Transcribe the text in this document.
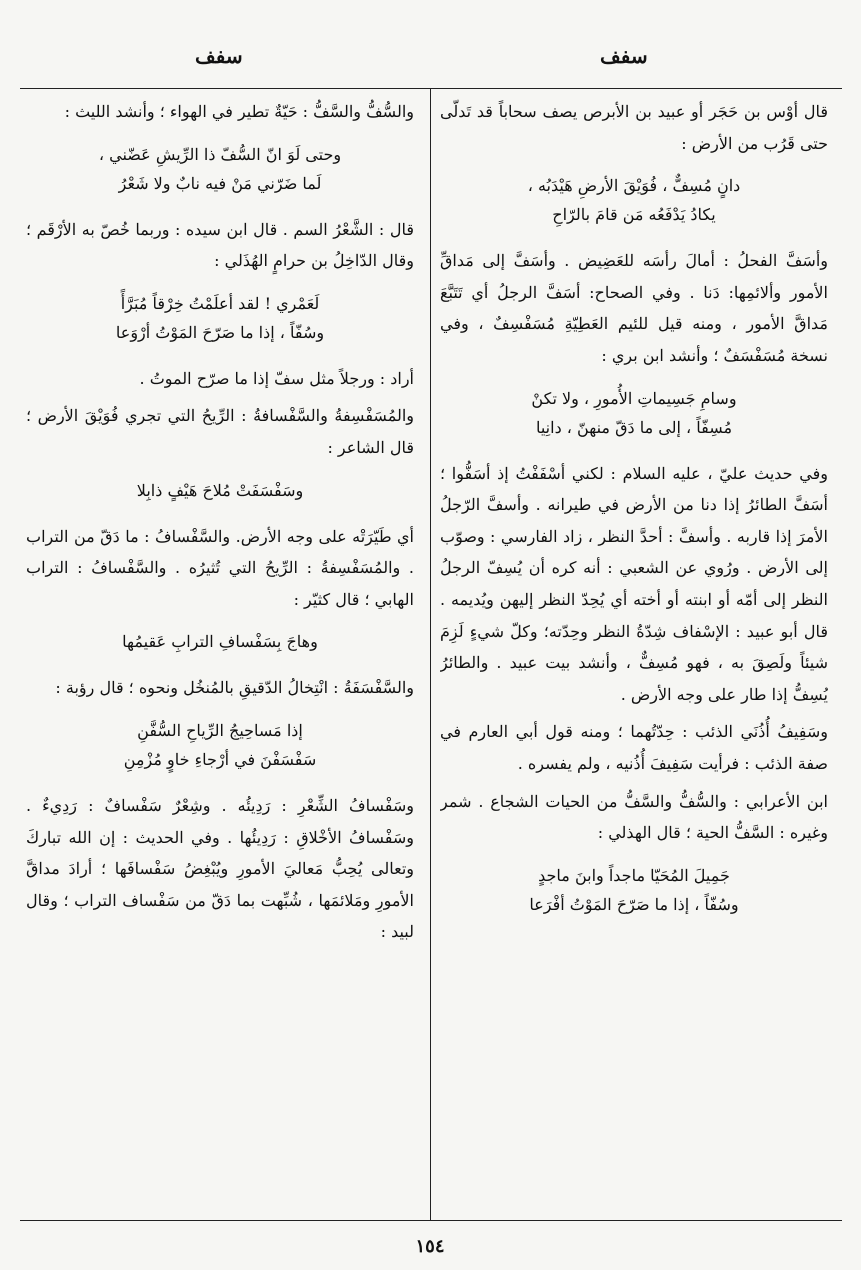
سفف
سفف

قال أوْس بن حَجَر أو عبيد بن الأبرص يصف سحاباً قد تَدلّى حتى قَرُب من الأرض :

دانٍ مُسِفٌّ ، فُوَيْقَ الأرضِ هَيْدَبُه ،
يكادُ يَدْفَعُه مَن قامَ بالرّاحِ

وأسَفَّ الفحلُ : أمالَ رأسَه للعَضِيض . وأسَفَّ إلى مَداقِّ الأمور وألائمِها: دَنا . وفي الصحاح: أسَفَّ الرجلُ أي تَتَبَّعَ مَداقَّ الأمور ، ومنه قيل للئيم العَطِيّةِ مُسَفْسِفٌ ، وفي نسخة مُسَفْسَفٌ ؛ وأنشد ابن بري :

وسامِ جَسِيماتِ الأُمورِ ، ولا تكنْ
مُسِفّاً ، إلى ما دَقّ منهنّ ، دانِيا

وفي حديث عليّ ، عليه السلام : لكني أسْفَفْتُ إذ أسَفُّوا ؛ أسَفَّ الطائرُ إذا دنا من الأرض في طيرانه . وأسفَّ الرّجلُ الأمرَ إذا قاربه . وأسفَّ : أحدَّ النظر ، زاد الفارسي : وصوّب إلى الأرض . ورُوي عن الشعبي : أنه كره أن يُسِفّ الرجلُ النظر إلى أمّه أو ابنته أو أخته أي يُحِدّ النظر إليهن ويُديمه . قال أبو عبيد : الإسْفاف شِدّةُ النظر وحِدّته؛ وكلّ شيءٍ لَزِمَ شيئاً ولَصِقَ به ، فهو مُسِفٌّ ، وأنشد بيت عبيد . والطائرُ يُسِفُّ إذا طار على وجه الأرض .

وسَفِيفُ أُذُنَي الذئب : حِدّتُهما ؛ ومنه قول أبي العارم في صفة الذئب : فرأيت سَفِيفَ أُذُنيه ، ولم يفسره .

ابن الأعرابي : والسُّفُّ والسَّفُّ من الحيات الشجاع . شمر وغيره : السَّفُّ الحية ؛ قال الهذلي :

جَمِيلَ المُحَيّا ماجداً وابنَ ماجدٍ
وسُفّاً ، إذا ما صَرّحَ المَوْتُ أفْرَعا

والسُّفُّ والسَّفُّ : حَيّةٌ تطير في الهواء ؛ وأنشد الليث :

وحتى لَوَ انّ السُّفّ ذا الرِّيشِ عَضّني ،
لَما ضَرّني مَنْ فيه نابٌ ولا شَعْرُ

قال : الشَّعْرُ السم . قال ابن سيده : وربما خُصّ به الأرْقَم ؛ وقال الدّاخِلُ بن حرامٍ الهُذَلي :

لَعَمْري ! لقد أعلَمْتُ خِرْقاً مُبَرَّأً
وسُفّاً ، إذا ما صَرّحَ المَوْتُ أرْوَعا

أراد : ورجلاً مثل سفّ إذا ما صرّح الموتُ .

والمُسَفْسِفةُ والسَّفْسافةُ : الرِّيحُ التي تجري فُوَيْقَ الأرض ؛ قال الشاعر :

وسَفْسَفَتْ مُلاحَ هَيْفٍ ذابِلا

أي طَيّرَتْه على وجه الأرض. والسَّفْسافُ : ما دَقّ من التراب . والمُسَفْسِفةُ : الرِّيحُ التي تُثيرُه . والسَّفْسافُ : التراب الهابي ؛ قال كثيّر :

وهاجَ بِسَفْسافِ الترابِ عَقيمُها

والسَّفْسَفَةُ : انْتِخالُ الدّقيقِ بالمُنخُل ونحوه ؛ قال رؤبة :

إذا مَساحِيجُ الرِّياحِ السُّفَّنِ
سَفْسَفْنَ في أرْجاءِ خاوٍ مُزْمِنِ

وسَفْسافُ الشِّعْرِ : رَدِيئُه . وشِعْرٌ سَفْسافٌ : رَدِيءٌ . وسَفْسافُ الأخْلاقِ : رَدِيئُها . وفي الحديث : إن الله تباركَ وتعالى يُحِبُّ مَعاليَ الأمورِ ويُبْغِضُ سَفْسافَها ؛ أرادَ مداقَّ الأمورِ ومَلائمَها ، شُبِّهت بما دَقّ من سَفْساف التراب ؛ وقال لبيد :

١٥٤
